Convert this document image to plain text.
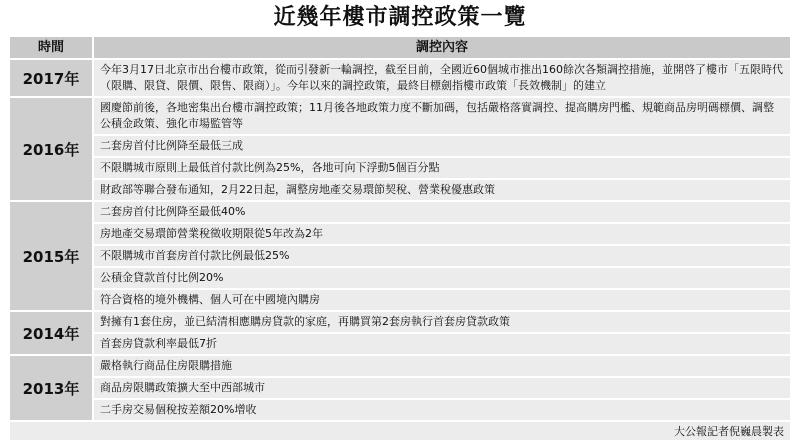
近幾年樓市調控政策一覽
時間	調控內容
2017年	今年3月17日北京市出台樓市政策，從而引發新一輪調控，截至目前，全國近60個城市推出160餘次各類調控措施，並開啓了樓市「五限時代（限購、限貸、限價、限售、限商）」。今年以來的調控政策，最終目標劍指樓市政策「長效機制」的建立
2016年
國慶節前後，各地密集出台樓市調控政策；11月後各地政策力度不斷加碼，包括嚴格落實調控、提高購房門檻、規範商品房明碼標價、調整公積金政策、強化市場監管等
二套房首付比例降至最低三成
不限購城市原則上最低首付款比例為25%，各地可向下浮動5個百分點
財政部等聯合發布通知，2月22日起，調整房地產交易環節契稅、營業稅優惠政策
2015年
二套房首付比例降至最低40%
房地產交易環節營業稅徵收期限從5年改為2年
不限購城市首套房首付款比例最低25%
公積金貸款首付比例20%
符合資格的境外機構、個人可在中國境內購房
2014年
對擁有1套住房，並已結清相應購房貸款的家庭，再購買第2套房執行首套房貸款政策
首套房貸款利率最低7折
2013年
嚴格執行商品住房限購措施
商品房限購政策擴大至中西部城市
二手房交易個稅按差額20%增收
大公報記者倪巍晨製表
